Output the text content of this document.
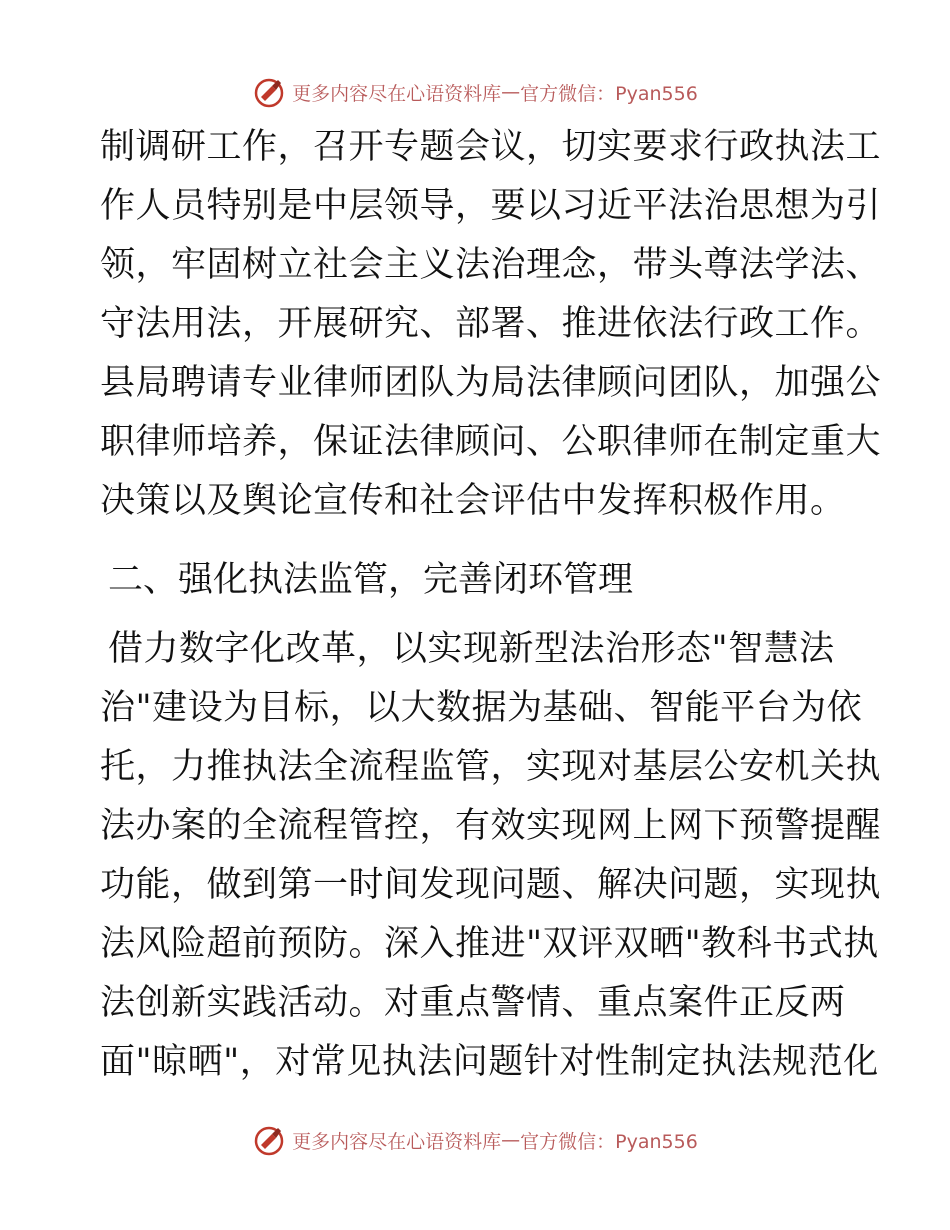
更多内容尽在心语资料库 — 官方微信：Pyan556

制调研工作，召开专题会议，切实要求行政执法工

作人员特别是中层领导，要以习近平法治思想为引

领，牢固树立社会主义法治理念，带头尊法学法、

守法用法，开展研究、部署、推进依法行政工作。

县局聘请专业律师团队为局法律顾问团队，加强公

职律师培养，保证法律顾问、公职律师在制定重大

决策以及舆论宣传和社会评估中发挥积极作用。

二、强化执法监管，完善闭环管理

借力数字化改革，以实现新型法治形态"智慧法

治"建设为目标，以大数据为基础、智能平台为依

托，力推执法全流程监管，实现对基层公安机关执

法办案的全流程管控，有效实现网上网下预警提醒

功能，做到第一时间发现问题、解决问题，实现执

法风险超前预防。深入推进"双评双晒"教科书式执

法创新实践活动。对重点警情、重点案件正反两

面"晾晒"，对常见执法问题针对性制定执法规范化

更多内容尽在心语资料库 — 官方微信：Pyan556
